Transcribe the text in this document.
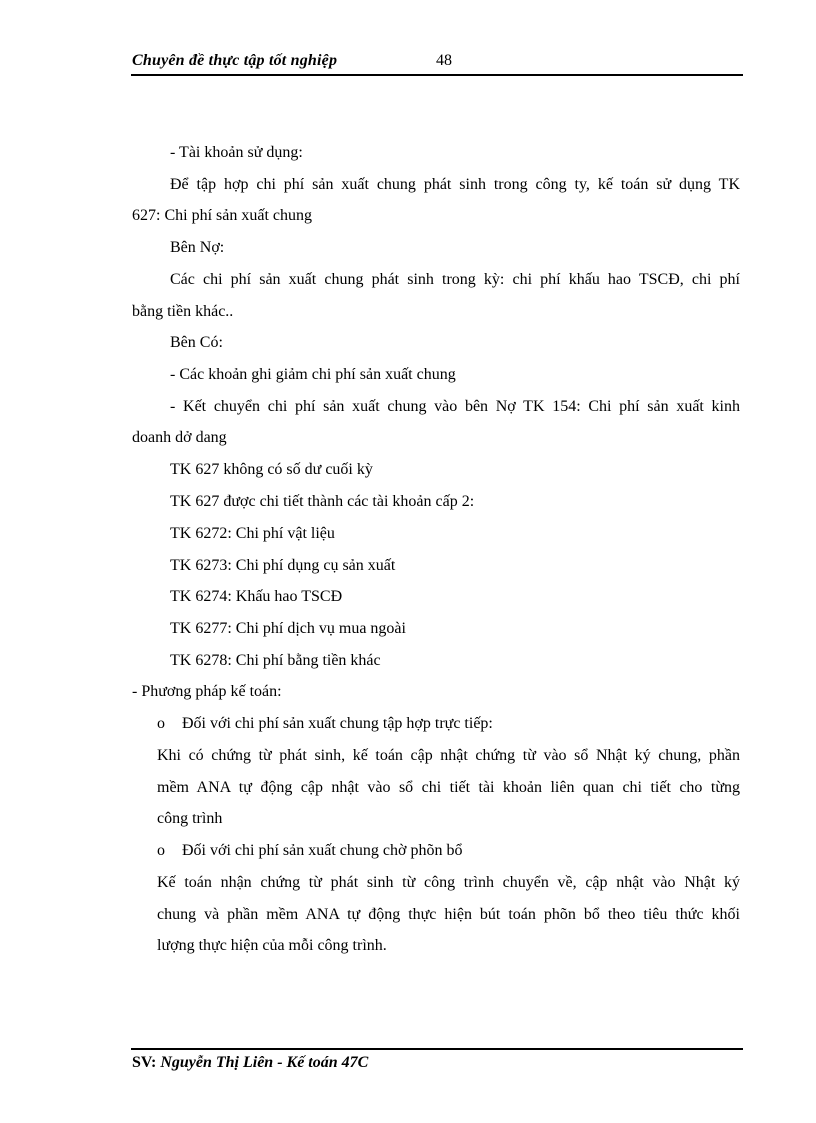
Chuyên đề thực tập tốt nghiệp	48
- Tài khoản sử dụng:
Để tập hợp chi phí sản xuất chung phát sinh trong công ty, kế toán sử dụng TK
627: Chi phí sản xuất chung
Bên Nợ:
Các chi phí sản xuất chung phát sinh trong kỳ: chi phí khấu hao TSCĐ, chi phí
bằng tiền khác..
Bên Có:
- Các khoản ghi giảm chi phí sản xuất chung
- Kết chuyển chi phí sản xuất chung vào bên Nợ TK 154: Chi phí sản xuất kinh
doanh dở dang
TK 627 không có số dư cuối kỳ
TK 627 được chi tiết thành các tài khoản cấp 2:
TK 6272: Chi phí vật liệu
TK 6273: Chi phí dụng cụ sản xuất
TK 6274: Khấu hao TSCĐ
TK 6277: Chi phí dịch vụ mua ngoài
TK 6278: Chi phí bằng tiền khác
- Phương pháp kế toán:
o Đối với chi phí sản xuất chung tập hợp trực tiếp:
Khi có chứng từ phát sinh, kế toán cập nhật chứng từ vào sổ Nhật ký chung, phần
mềm ANA tự động cập nhật vào sổ chi tiết tài khoản liên quan chi tiết cho từng
công trình
o Đối với chi phí sản xuất chung chờ phõn bổ
Kế toán nhận chứng từ phát sinh từ công trình chuyển về, cập nhật vào Nhật ký
chung và phần mềm ANA tự động thực hiện bút toán phõn bổ theo tiêu thức khối
lượng thực hiện của mỗi công trình.
SV: Nguyễn Thị Liên - Kế toán 47C
